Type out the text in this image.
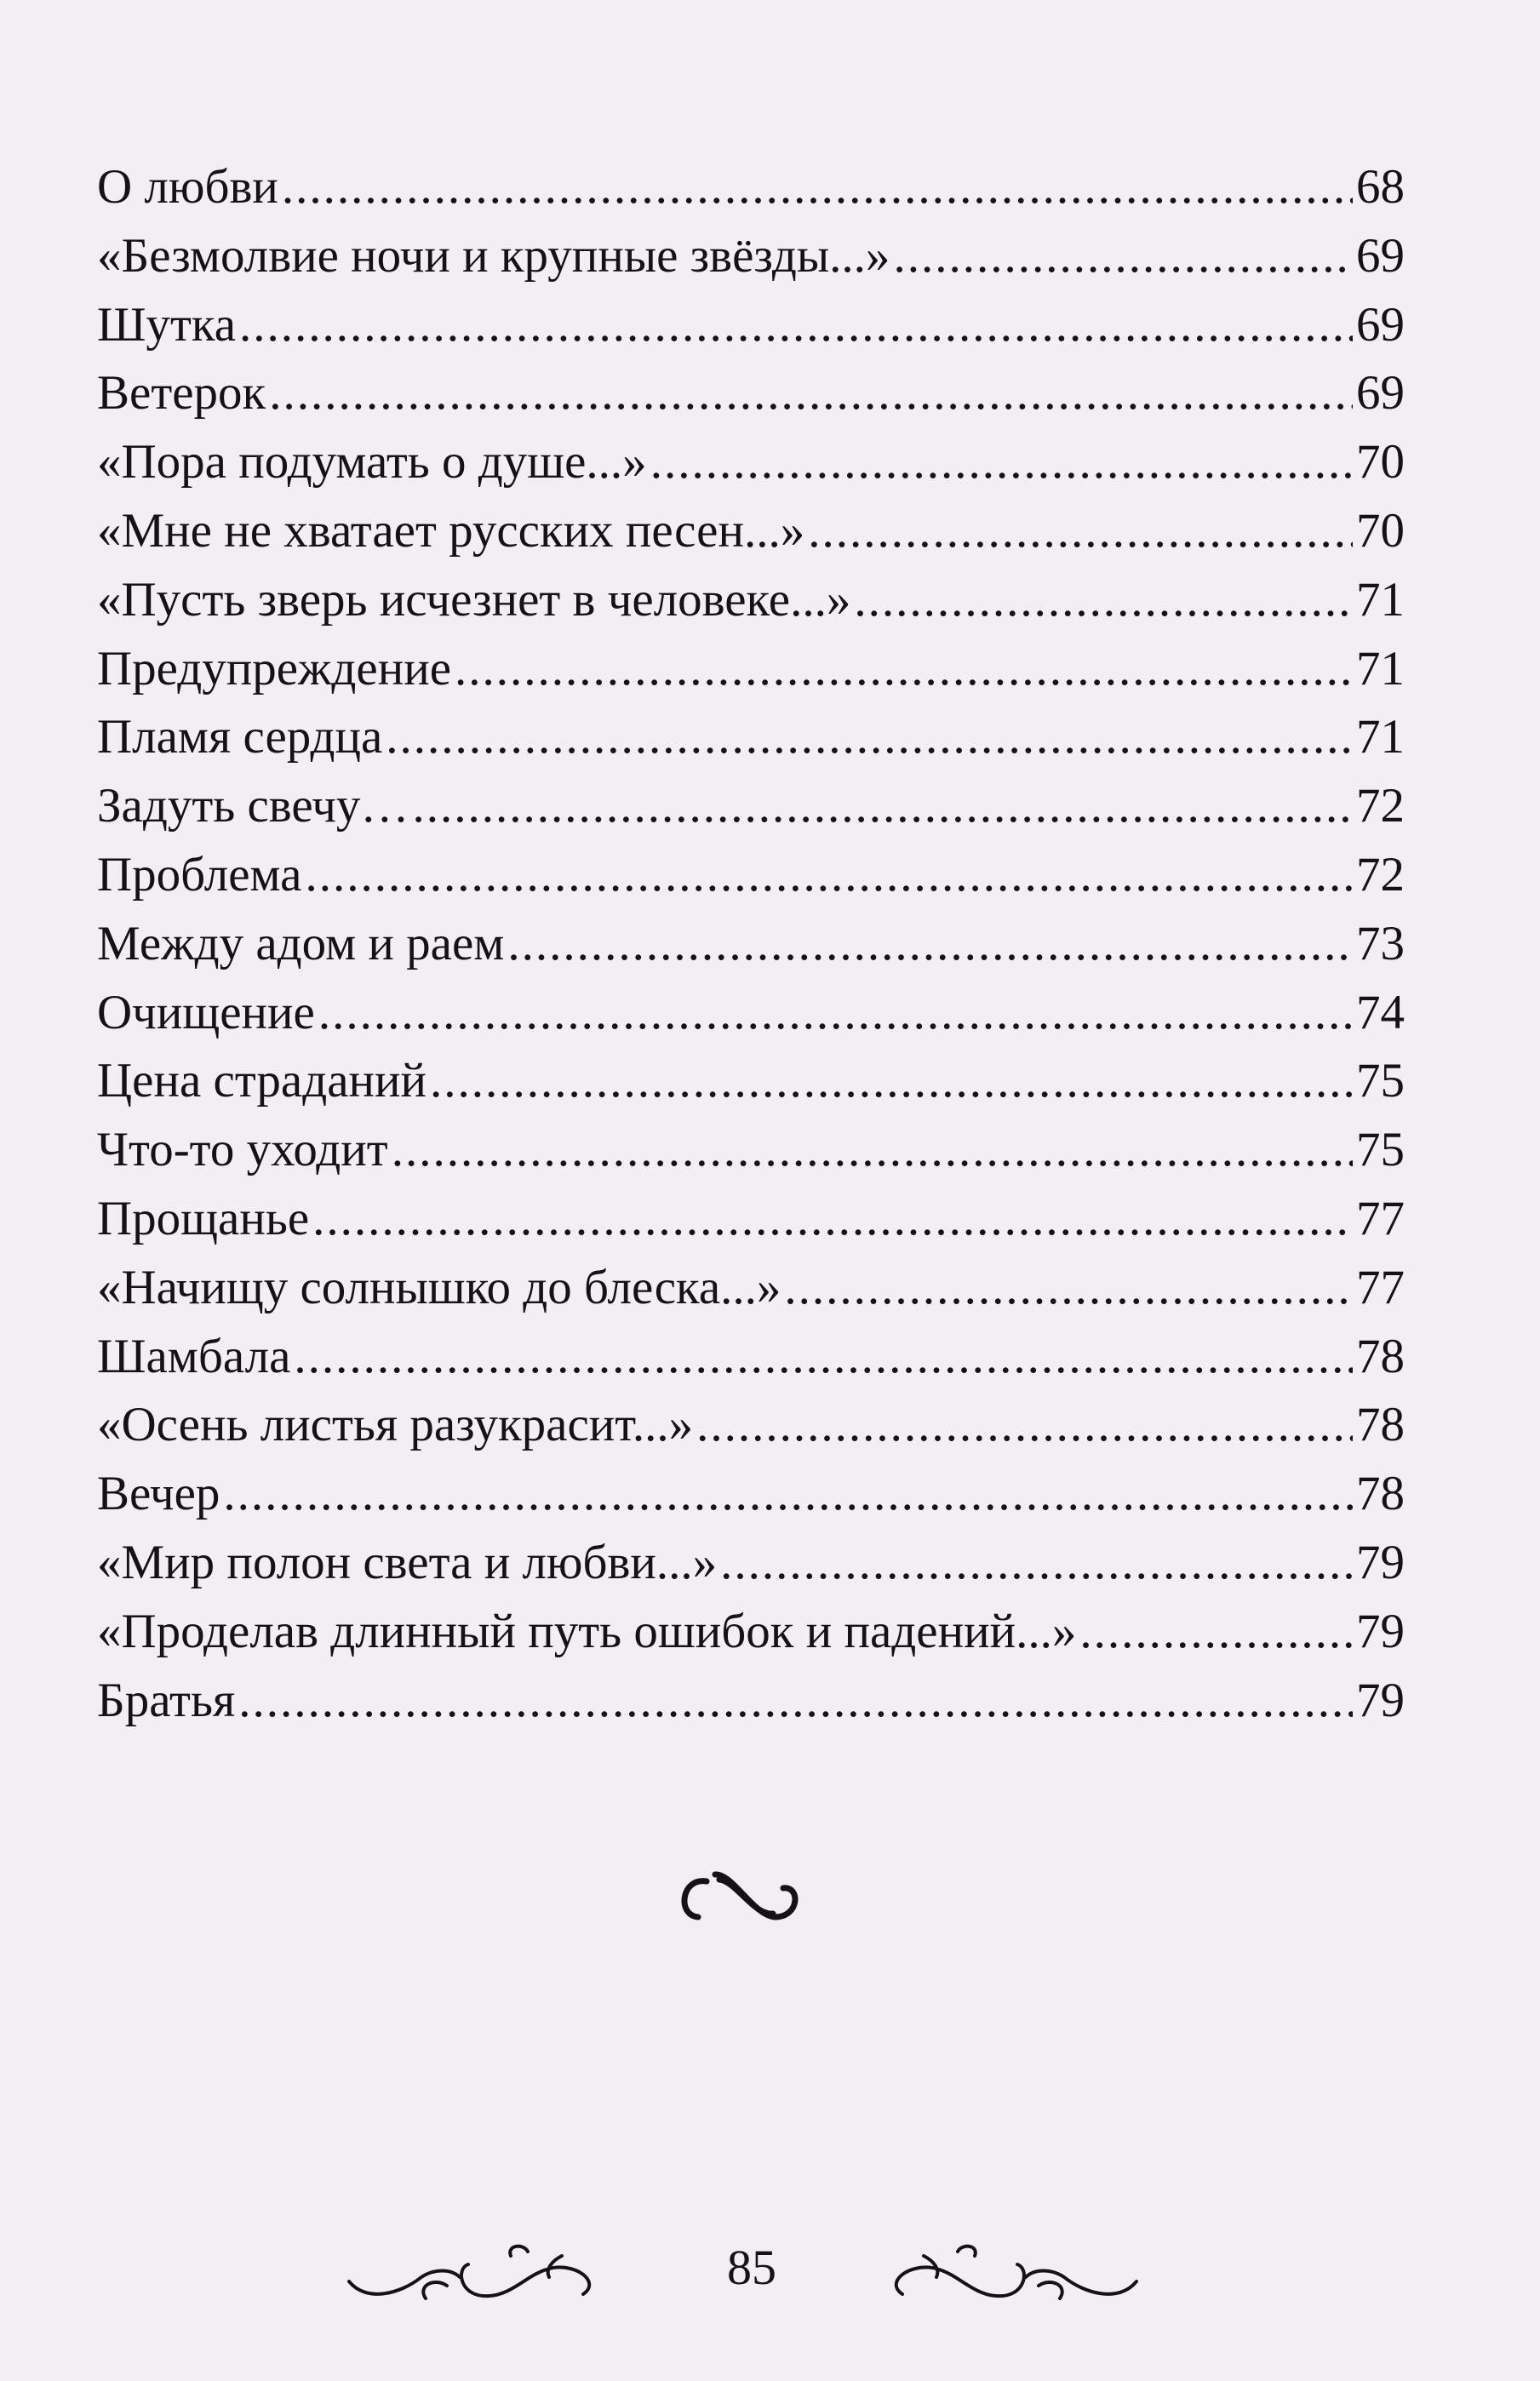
О любви .....	68
«Безмолвие ночи и крупные звёзды...» .....	69
Шутка .....	69
Ветерок .....	69
«Пора подумать о душе...» .....	70
«Мне не хватает русских песен...» .....	70
«Пусть зверь исчезнет в человеке...» .....	71
Предупреждение .....	71
Пламя сердца .....	71
Задуть свечу… .....	72
Проблема .....	72
Между адом и раем .....	73
Очищение .....	74
Цена страданий .....	75
Что-то уходит .....	75
Прощанье .....	77
«Начищу солнышко до блеска...» .....	77
Шамбала .....	78
«Осень листья разукрасит...» .....	78
Вечер .....	78
«Мир полон света и любви...» .....	79
«Проделав длинный путь ошибок и падений...» .....	79
Братья .....	79
85
